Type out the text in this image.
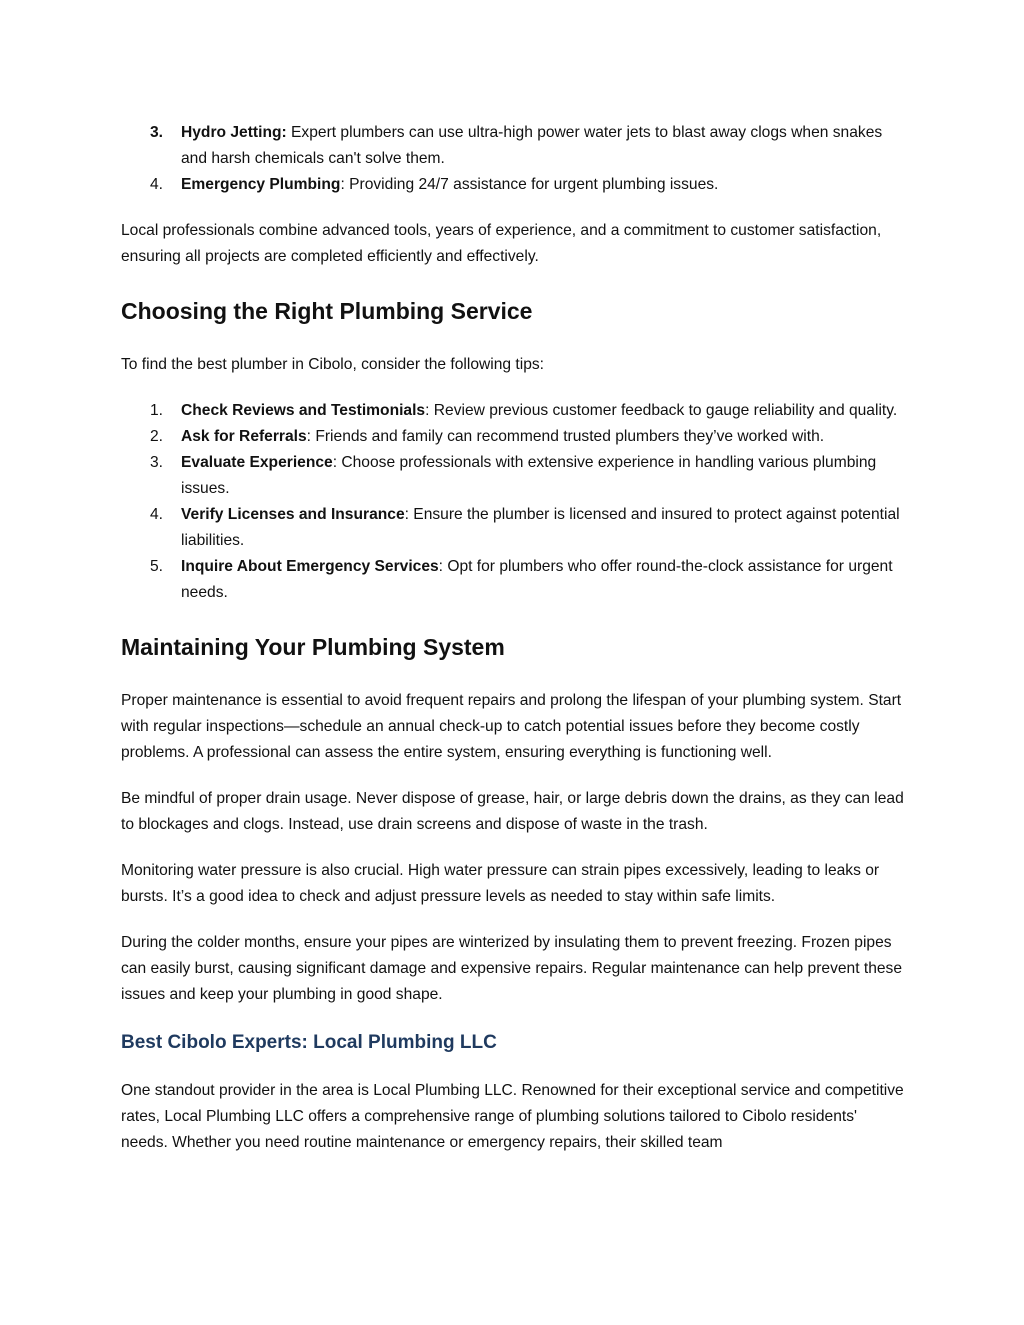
3. Hydro Jetting: Expert plumbers can use ultra-high power water jets to blast away clogs when snakes and harsh chemicals can't solve them.
4. Emergency Plumbing: Providing 24/7 assistance for urgent plumbing issues.

Local professionals combine advanced tools, years of experience, and a commitment to customer satisfaction, ensuring all projects are completed efficiently and effectively.

Choosing the Right Plumbing Service

To find the best plumber in Cibolo, consider the following tips:

1. Check Reviews and Testimonials: Review previous customer feedback to gauge reliability and quality.
2. Ask for Referrals: Friends and family can recommend trusted plumbers they’ve worked with.
3. Evaluate Experience: Choose professionals with extensive experience in handling various plumbing issues.
4. Verify Licenses and Insurance: Ensure the plumber is licensed and insured to protect against potential liabilities.
5. Inquire About Emergency Services: Opt for plumbers who offer round-the-clock assistance for urgent needs.
Maintaining Your Plumbing System

Proper maintenance is essential to avoid frequent repairs and prolong the lifespan of your plumbing system. Start with regular inspections—schedule an annual check-up to catch potential issues before they become costly problems. A professional can assess the entire system, ensuring everything is functioning well.

Be mindful of proper drain usage. Never dispose of grease, hair, or large debris down the drains, as they can lead to blockages and clogs. Instead, use drain screens and dispose of waste in the trash.

Monitoring water pressure is also crucial. High water pressure can strain pipes excessively, leading to leaks or bursts. It’s a good idea to check and adjust pressure levels as needed to stay within safe limits.

During the colder months, ensure your pipes are winterized by insulating them to prevent freezing. Frozen pipes can easily burst, causing significant damage and expensive repairs. Regular maintenance can help prevent these issues and keep your plumbing in good shape.

Best Cibolo Experts: Local Plumbing LLC

One standout provider in the area is Local Plumbing LLC. Renowned for their exceptional service and competitive rates, Local Plumbing LLC offers a comprehensive range of plumbing solutions tailored to Cibolo residents' needs. Whether you need routine maintenance or emergency repairs, their skilled team
